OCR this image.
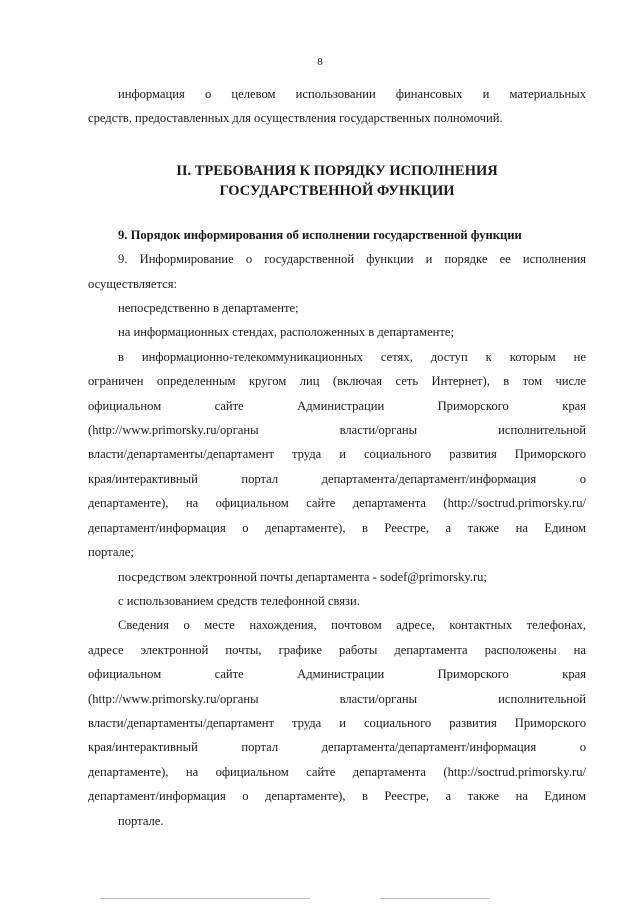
8
информация о целевом использовании финансовых и материальных
средств, предоставленных для осуществления государственных полномочий.
II. ТРЕБОВАНИЯ К ПОРЯДКУ ИСПОЛНЕНИЯ
ГОСУДАРСТВЕННОЙ ФУНКЦИИ
9. Порядок информирования об исполнении государственной функции
9. Информирование о государственной функции и порядке ее исполнения
осуществляется:
непосредственно в департаменте;
на информационных стендах, расположенных в департаменте;
в информационно-телекоммуникационных сетях, доступ к которым не
ограничен определенным кругом лиц (включая сеть Интернет), в том числе
официальном сайте Администрации Приморского края
(http://www.primorsky.ru/органы власти/органы исполнительной
власти/департаменты/департамент труда и социального развития Приморского
края/интерактивный портал департамента/департамент/информация о
департаменте), на официальном сайте департамента (http://soctrud.primorsky.ru/
департамент/информация о департаменте), в Реестре, а также на Едином
портале;
посредством электронной почты департамента - sodef@primorsky.ru;
с использованием средств телефонной связи.
Сведения о месте нахождения, почтовом адресе, контактных телефонах,
адресе электронной почты, графике работы департамента расположены на
официальном сайте Администрации Приморского края
(http://www.primorsky.ru/органы власти/органы исполнительной
власти/департаменты/департамент труда и социального развития Приморского
края/интерактивный портал департамента/департамент/информация о
департаменте), на официальном сайте департамента (http://soctrud.primorsky.ru/
департамент/информация о департаменте), в Реестре, а также на Едином
портале.
